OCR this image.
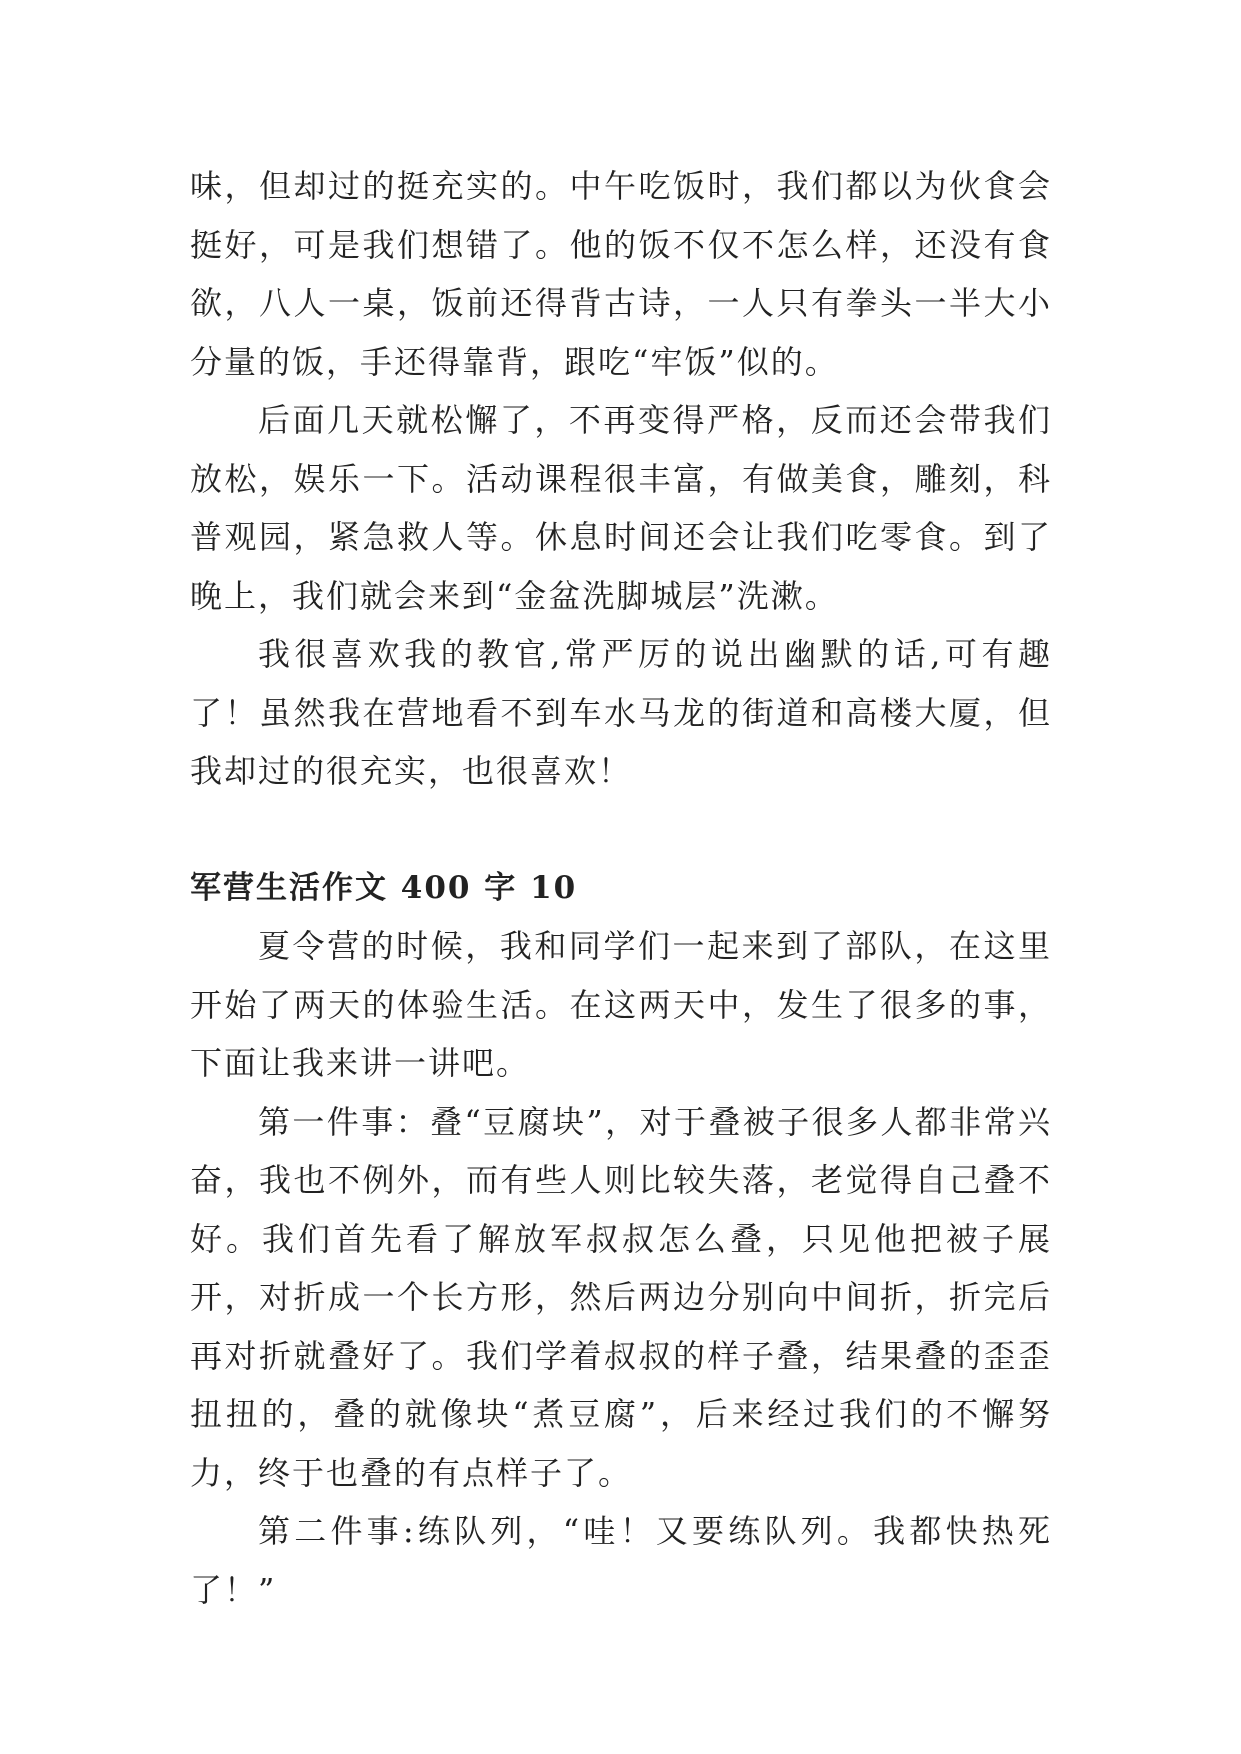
味，但却过的挺充实的。中午吃饭时，我们都以为伙食会挺好，可是我们想错了。他的饭不仅不怎么样，还没有食欲，八人一桌，饭前还得背古诗，一人只有拳头一半大小分量的饭，手还得靠背，跟吃“牢饭”似的。

后面几天就松懈了，不再变得严格，反而还会带我们放松，娱乐一下。活动课程很丰富，有做美食，雕刻，科普观园，紧急救人等。休息时间还会让我们吃零食。到了晚上，我们就会来到“金盆洗脚城层”洗漱。

我很喜欢我的教官,常严厉的说出幽默的话,可有趣了！虽然我在营地看不到车水马龙的街道和高楼大厦，但我却过的很充实，也很喜欢！

军营生活作文 400 字 10

夏令营的时候，我和同学们一起来到了部队，在这里开始了两天的体验生活。在这两天中，发生了很多的事，下面让我来讲一讲吧。

第一件事：叠“豆腐块”，对于叠被子很多人都非常兴奋，我也不例外，而有些人则比较失落，老觉得自己叠不好。我们首先看了解放军叔叔怎么叠，只见他把被子展开，对折成一个长方形，然后两边分别向中间折，折完后再对折就叠好了。我们学着叔叔的样子叠，结果叠的歪歪扭扭的，叠的就像块“煮豆腐”，后来经过我们的不懈努力，终于也叠的有点样子了。

第二件事:练队列，“哇！又要练队列。我都快热死了！”
